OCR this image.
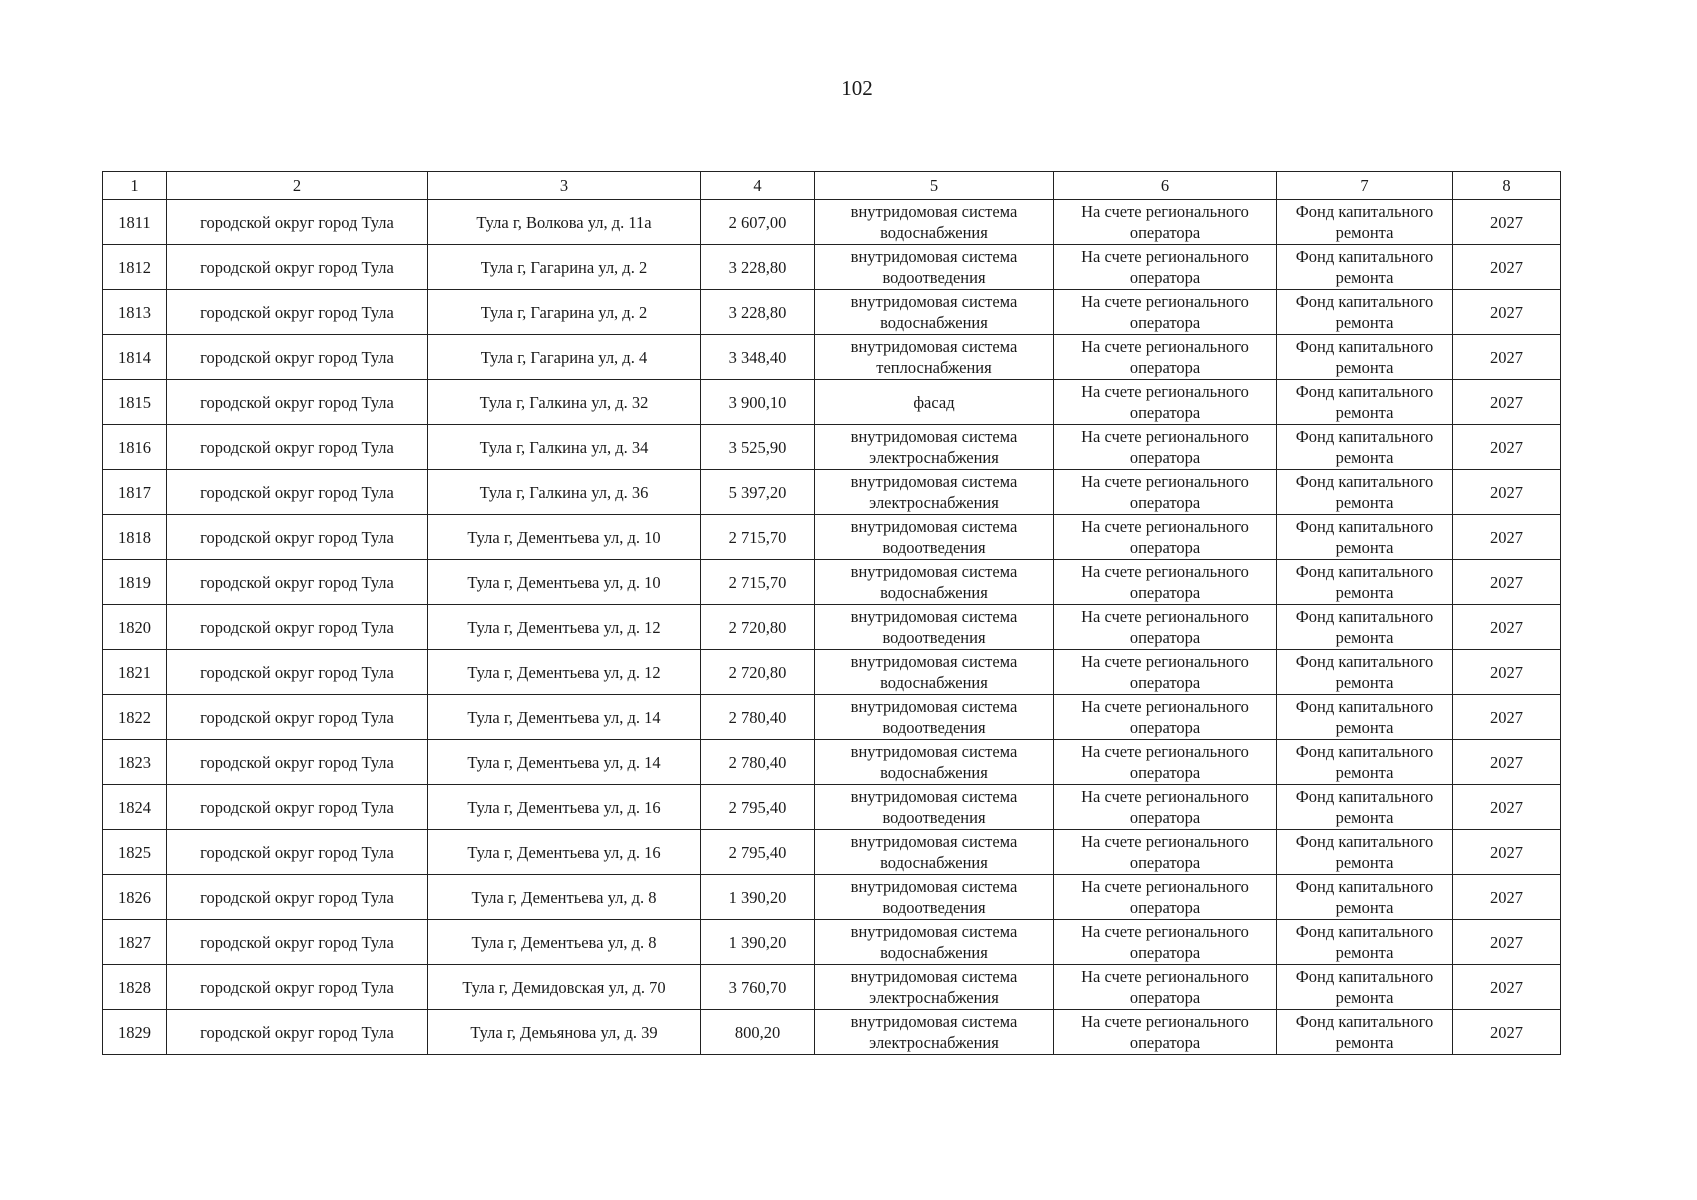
102
1	2	3	4	5	6	7	8
1811	городской округ город Тула	Тула г, Волкова ул, д. 11а	2 607,00	внутридомовая система водоснабжения	На счете регионального оператора	Фонд капитального ремонта	2027
1812	городской округ город Тула	Тула г, Гагарина ул, д. 2	3 228,80	внутридомовая система водоотведения	На счете регионального оператора	Фонд капитального ремонта	2027
1813	городской округ город Тула	Тула г, Гагарина ул, д. 2	3 228,80	внутридомовая система водоснабжения	На счете регионального оператора	Фонд капитального ремонта	2027
1814	городской округ город Тула	Тула г, Гагарина ул, д. 4	3 348,40	внутридомовая система теплоснабжения	На счете регионального оператора	Фонд капитального ремонта	2027
1815	городской округ город Тула	Тула г, Галкина ул, д. 32	3 900,10	фасад	На счете регионального оператора	Фонд капитального ремонта	2027
1816	городской округ город Тула	Тула г, Галкина ул, д. 34	3 525,90	внутридомовая система электроснабжения	На счете регионального оператора	Фонд капитального ремонта	2027
1817	городской округ город Тула	Тула г, Галкина ул, д. 36	5 397,20	внутридомовая система электроснабжения	На счете регионального оператора	Фонд капитального ремонта	2027
1818	городской округ город Тула	Тула г, Дементьева ул, д. 10	2 715,70	внутридомовая система водоотведения	На счете регионального оператора	Фонд капитального ремонта	2027
1819	городской округ город Тула	Тула г, Дементьева ул, д. 10	2 715,70	внутридомовая система водоснабжения	На счете регионального оператора	Фонд капитального ремонта	2027
1820	городской округ город Тула	Тула г, Дементьева ул, д. 12	2 720,80	внутридомовая система водоотведения	На счете регионального оператора	Фонд капитального ремонта	2027
1821	городской округ город Тула	Тула г, Дементьева ул, д. 12	2 720,80	внутридомовая система водоснабжения	На счете регионального оператора	Фонд капитального ремонта	2027
1822	городской округ город Тула	Тула г, Дементьева ул, д. 14	2 780,40	внутридомовая система водоотведения	На счете регионального оператора	Фонд капитального ремонта	2027
1823	городской округ город Тула	Тула г, Дементьева ул, д. 14	2 780,40	внутридомовая система водоснабжения	На счете регионального оператора	Фонд капитального ремонта	2027
1824	городской округ город Тула	Тула г, Дементьева ул, д. 16	2 795,40	внутридомовая система водоотведения	На счете регионального оператора	Фонд капитального ремонта	2027
1825	городской округ город Тула	Тула г, Дементьева ул, д. 16	2 795,40	внутридомовая система водоснабжения	На счете регионального оператора	Фонд капитального ремонта	2027
1826	городской округ город Тула	Тула г, Дементьева ул, д. 8	1 390,20	внутридомовая система водоотведения	На счете регионального оператора	Фонд капитального ремонта	2027
1827	городской округ город Тула	Тула г, Дементьева ул, д. 8	1 390,20	внутридомовая система водоснабжения	На счете регионального оператора	Фонд капитального ремонта	2027
1828	городской округ город Тула	Тула г, Демидовская ул, д. 70	3 760,70	внутридомовая система электроснабжения	На счете регионального оператора	Фонд капитального ремонта	2027
1829	городской округ город Тула	Тула г, Демьянова ул, д. 39	800,20	внутридомовая система электроснабжения	На счете регионального оператора	Фонд капитального ремонта	2027
